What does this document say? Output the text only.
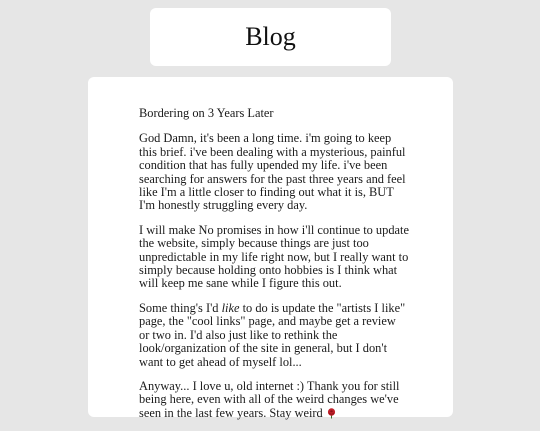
Blog
Bordering on 3 Years Later

God Damn, it's been a long time. i'm going to keep this brief. i've been dealing with a mysterious, painful condition that has fully upended my life. i've been searching for answers for the past three years and feel like I'm a little closer to finding out what it is, BUT I'm honestly struggling every day.

I will make No promises in how i'll continue to update the website, simply because things are just too unpredictable in my life right now, but I really want to simply because holding onto hobbies is I think what will keep me sane while I figure this out.

Some thing's I'd like to do is update the "artists I like" page, the "cool links" page, and maybe get a review or two in. I'd also just like to rethink the look/organization of the site in general, but I don't want to get ahead of myself lol...

Anyway... I love u, old internet :) Thank you for still being here, even with all of the weird changes we've seen in the last few years. Stay weird
